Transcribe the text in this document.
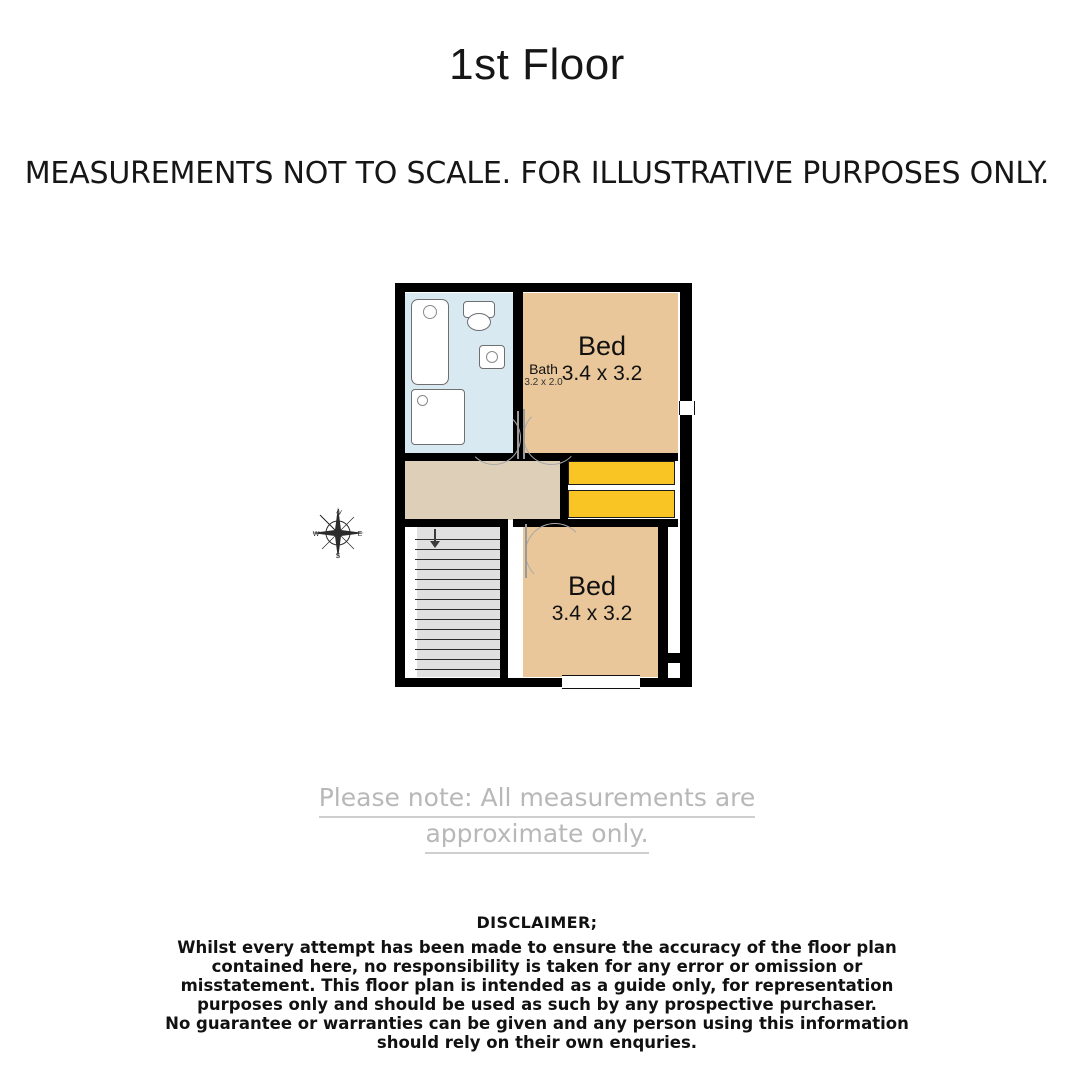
1st Floor
MEASUREMENTS NOT TO SCALE. FOR ILLUSTRATIVE PURPOSES ONLY.
Bath
3.2 x 2.0
Bed
3.4 x 3.2
Bed
3.4 x 3.2
N
E
S
W
Please note: All measurements are
approximate only.
DISCLAIMER;
Whilst every attempt has been made to ensure the accuracy of the floor plan
contained here, no responsibility is taken for any error or omission or
misstatement. This floor plan is intended as a guide only, for representation
purposes only and should be used as such by any prospective purchaser.
No guarantee or warranties can be given and any person using this information
should rely on their own enquries.
